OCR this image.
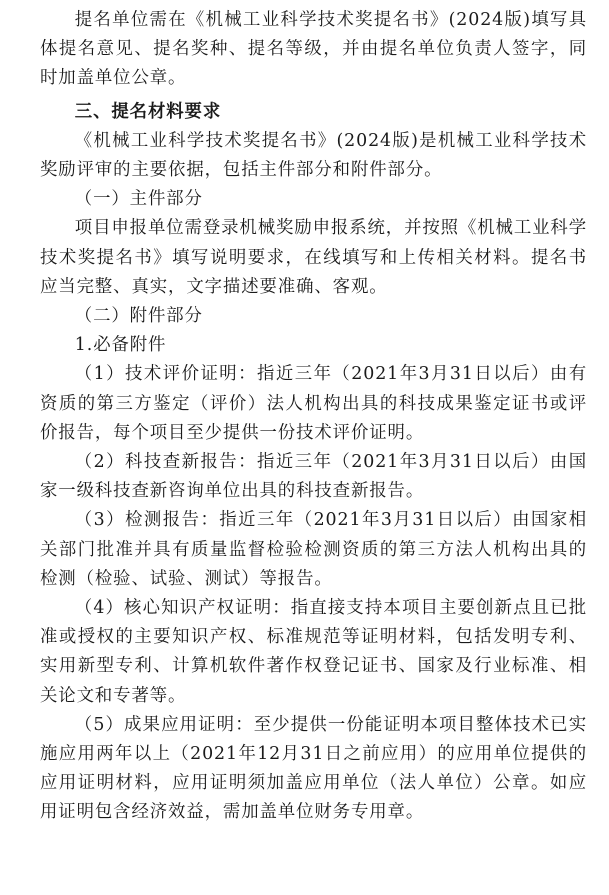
提名单位需在《机械工业科学技术奖提名书》(2024版)填写具体提名意见、提名奖种、提名等级，并由提名单位负责人签字，同时加盖单位公章。

三、提名材料要求

《机械工业科学技术奖提名书》(2024版)是机械工业科学技术奖励评审的主要依据，包括主件部分和附件部分。

（一）主件部分

项目申报单位需登录机械奖励申报系统，并按照《机械工业科学技术奖提名书》填写说明要求，在线填写和上传相关材料。提名书应当完整、真实，文字描述要准确、客观。

（二）附件部分

1.必备附件

（1）技术评价证明：指近三年（2021年3月31日以后）由有资质的第三方鉴定（评价）法人机构出具的科技成果鉴定证书或评价报告，每个项目至少提供一份技术评价证明。

（2）科技查新报告：指近三年（2021年3月31日以后）由国家一级科技查新咨询单位出具的科技查新报告。

（3）检测报告：指近三年（2021年3月31日以后）由国家相关部门批准并具有质量监督检验检测资质的第三方法人机构出具的检测（检验、试验、测试）等报告。

（4）核心知识产权证明：指直接支持本项目主要创新点且已批准或授权的主要知识产权、标准规范等证明材料，包括发明专利、实用新型专利、计算机软件著作权登记证书、国家及行业标准、相关论文和专著等。

（5）成果应用证明：至少提供一份能证明本项目整体技术已实施应用两年以上（2021年12月31日之前应用）的应用单位提供的应用证明材料，应用证明须加盖应用单位（法人单位）公章。如应用证明包含经济效益，需加盖单位财务专用章。
